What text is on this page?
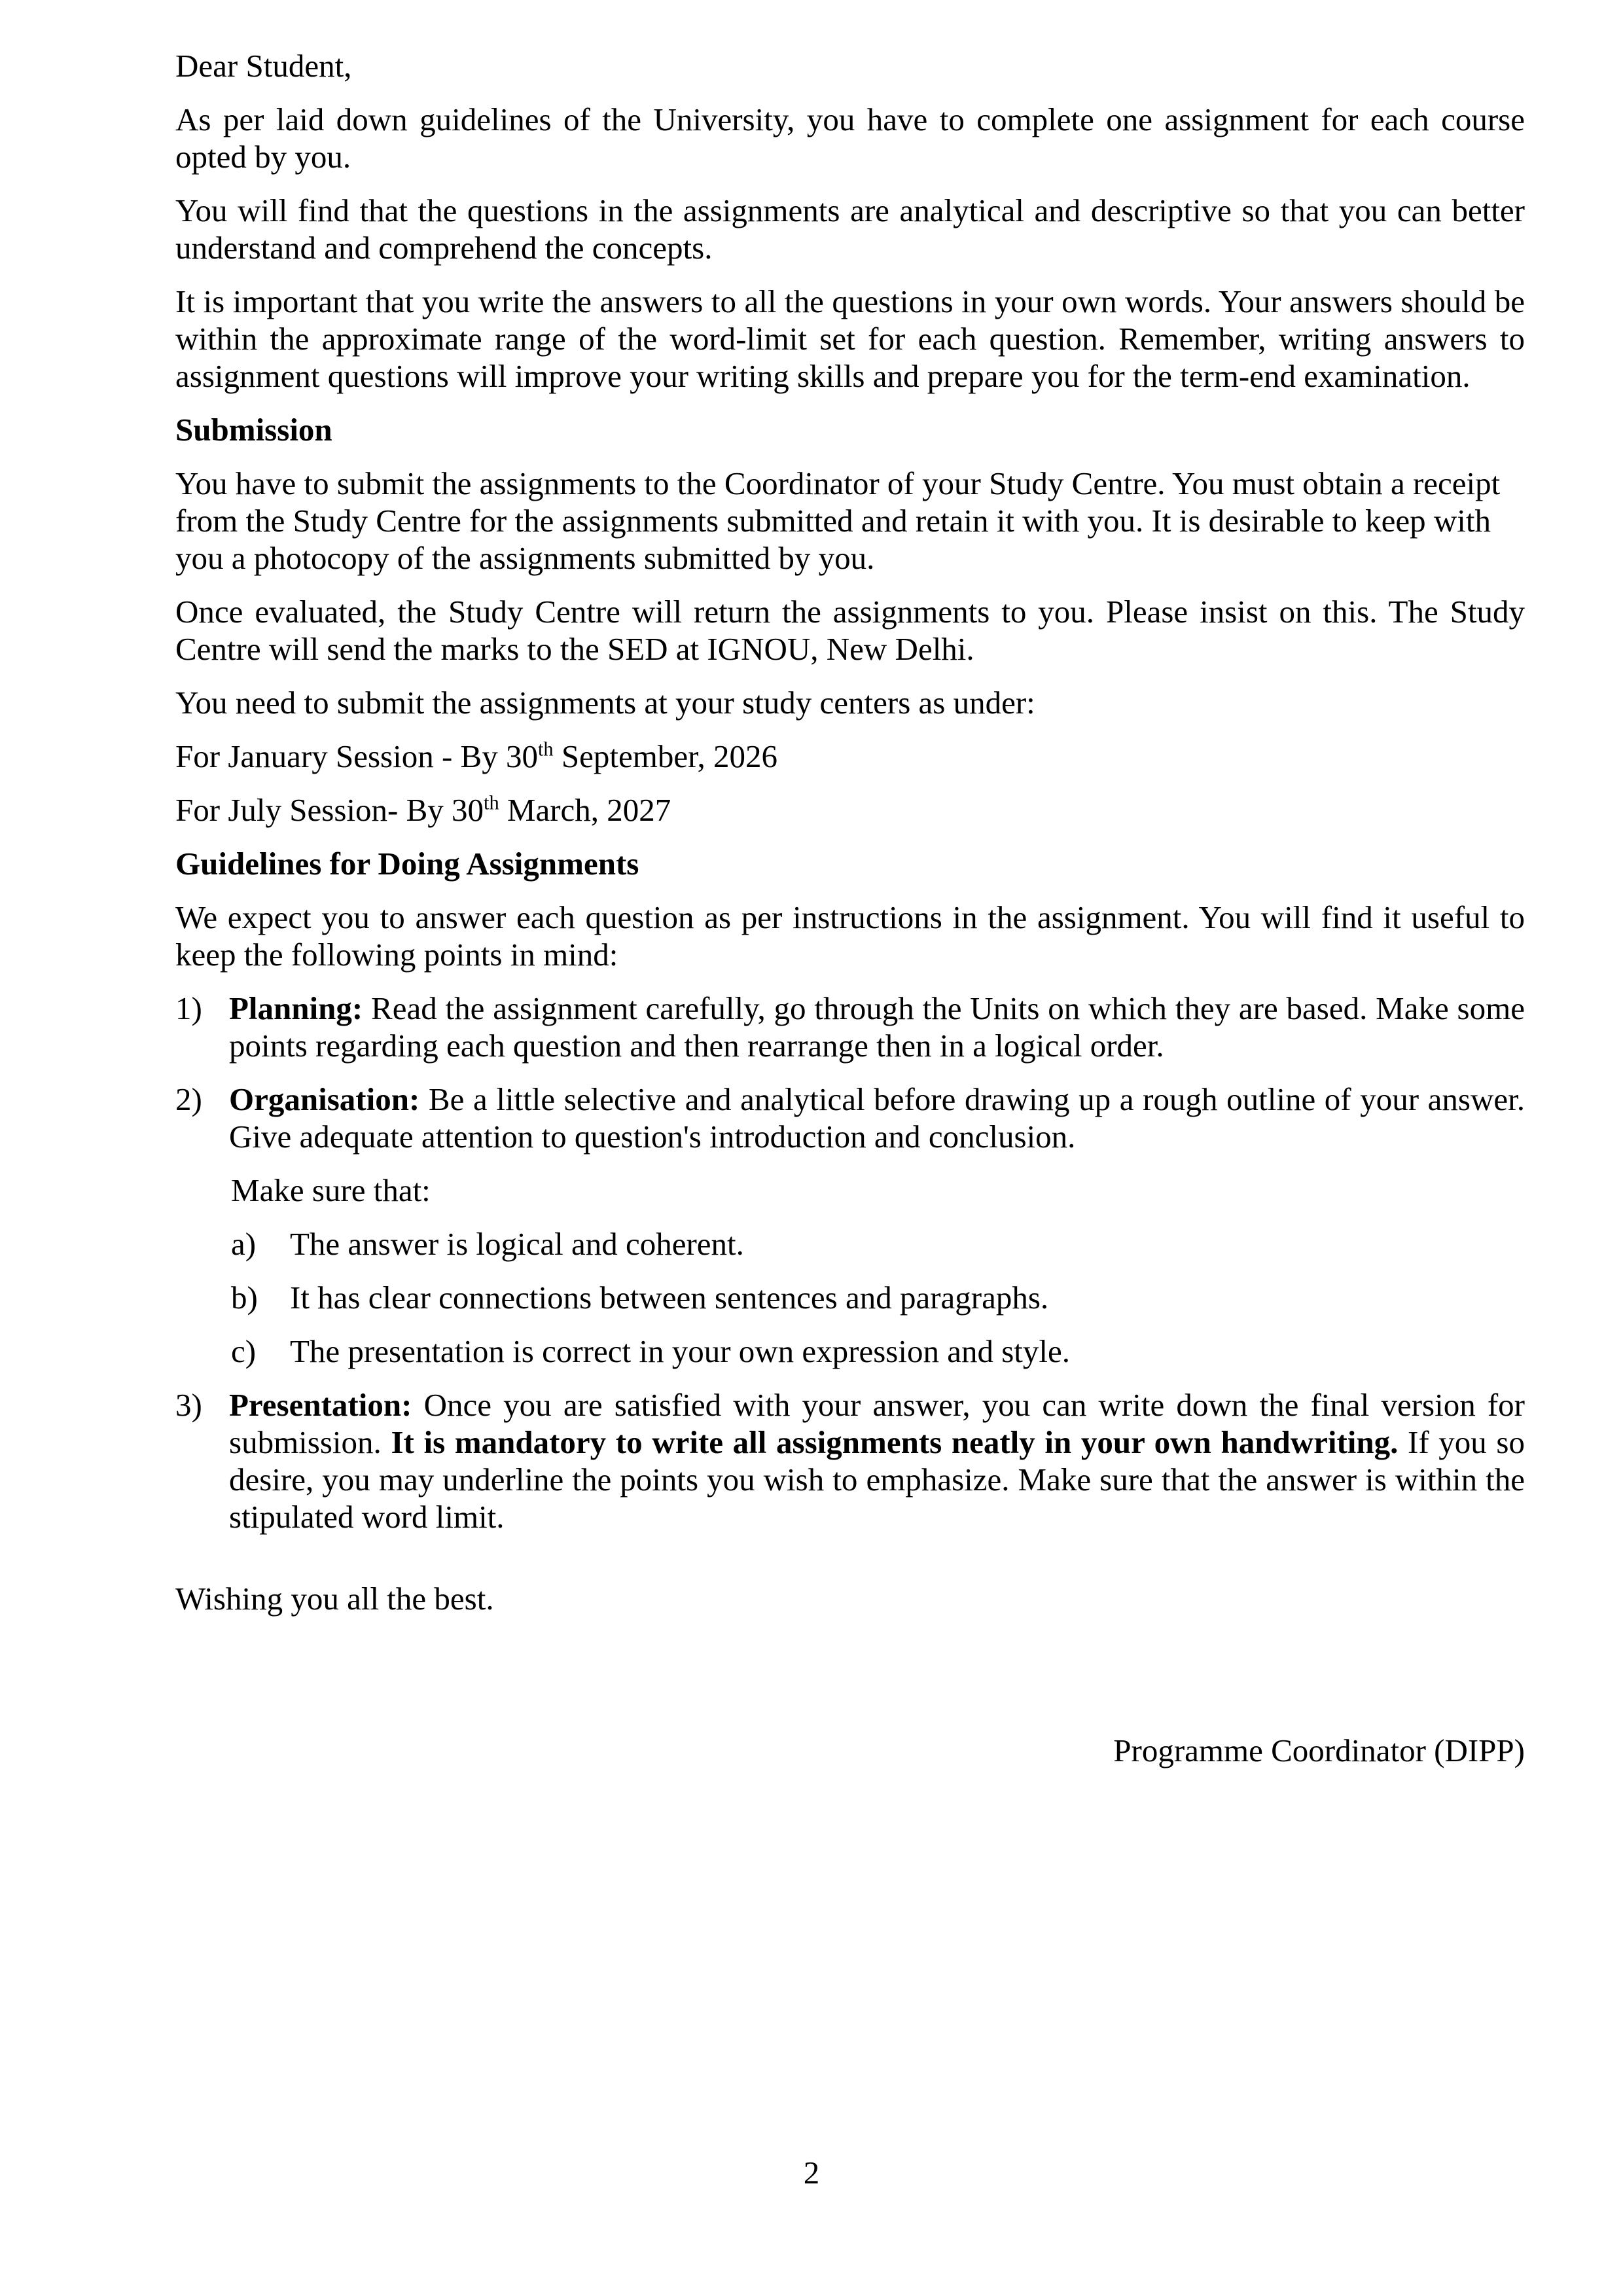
Dear Student,

As per laid down guidelines of the University, you have to complete one assignment for each course opted by you.

You will find that the questions in the assignments are analytical and descriptive so that you can better understand and comprehend the concepts.

It is important that you write the answers to all the questions in your own words. Your answers should be within the approximate range of the word-limit set for each question. Remember, writing answers to assignment questions will improve your writing skills and prepare you for the term-end examination.

Submission

You have to submit the assignments to the Coordinator of your Study Centre. You must obtain a receipt from the Study Centre for the assignments submitted and retain it with you. It is desirable to keep with you a photocopy of the assignments submitted by you.

Once evaluated, the Study Centre will return the assignments to you. Please insist on this. The Study Centre will send the marks to the SED at IGNOU, New Delhi.

You need to submit the assignments at your study centers as under:

For January Session - By 30th September, 2026

For July Session- By 30th March, 2027

Guidelines for Doing Assignments

We expect you to answer each question as per instructions in the assignment. You will find it useful to keep the following points in mind:

1) Planning: Read the assignment carefully, go through the Units on which they are based. Make some points regarding each question and then rearrange then in a logical order.
2) Organisation: Be a little selective and analytical before drawing up a rough outline of your answer. Give adequate attention to question's introduction and conclusion.

Make sure that:

a)	The answer is logical and coherent.
b)	It has clear connections between sentences and paragraphs.
c)	The presentation is correct in your own expression and style.
3) Presentation: Once you are satisfied with your answer, you can write down the final version for submission. It is mandatory to write all assignments neatly in your own handwriting. If you so desire, you may underline the points you wish to emphasize. Make sure that the answer is within the stipulated word limit.

Wishing you all the best.

Programme Coordinator (DIPP)

2
